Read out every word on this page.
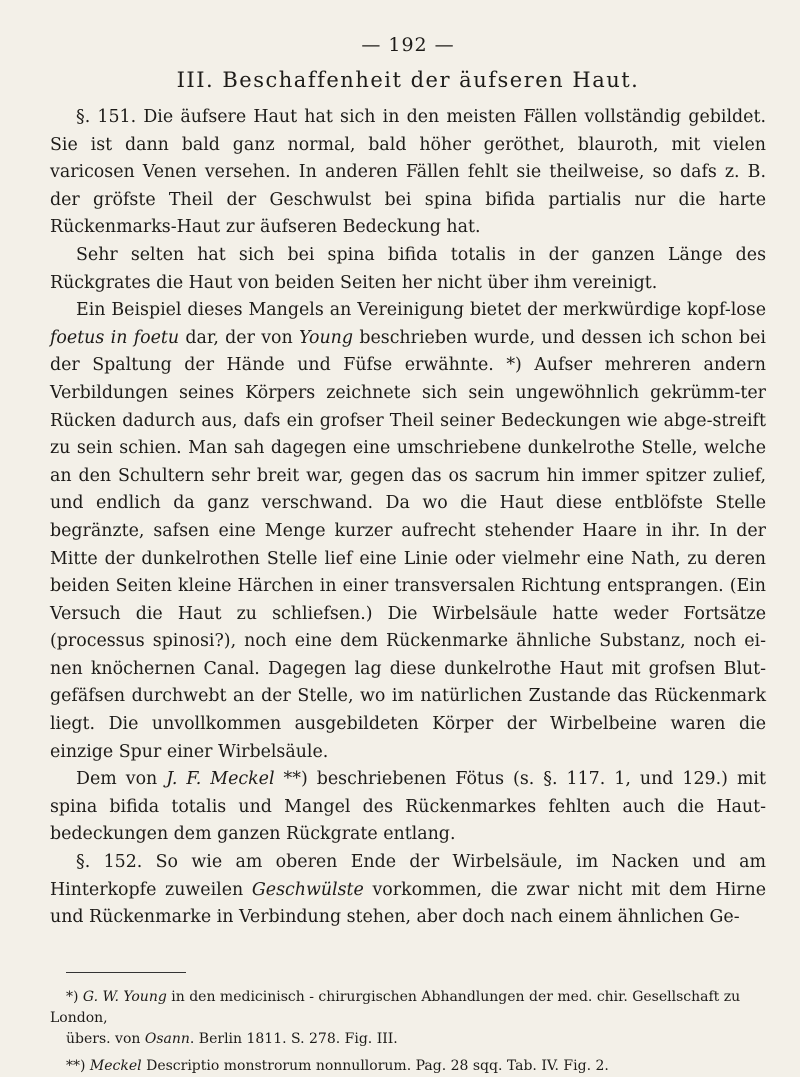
— 192 —
III. Beschaffenheit der äufseren Haut.

§. 151. Die äufsere Haut hat sich in den meisten Fällen vollständig gebildet. Sie ist dann bald ganz normal, bald höher geröthet, blauroth, mit vielen varicosen Venen versehen. In anderen Fällen fehlt sie theilweise, so dafs z. B. der gröfste Theil der Geschwulst bei spina bifida partialis nur die harte Rückenmarks-Haut zur äufseren Bedeckung hat.

Sehr selten hat sich bei spina bifida totalis in der ganzen Länge des Rückgrates die Haut von beiden Seiten her nicht über ihm vereinigt.

Ein Beispiel dieses Mangels an Vereinigung bietet der merkwürdige kopf-lose foetus in foetu dar, der von Young beschrieben wurde, und dessen ich schon bei der Spaltung der Hände und Füfse erwähnte. *) Aufser mehreren andern Verbildungen seines Körpers zeichnete sich sein ungewöhnlich gekrümm-ter Rücken dadurch aus, dafs ein grofser Theil seiner Bedeckungen wie abge-streift zu sein schien. Man sah dagegen eine umschriebene dunkelrothe Stelle, welche an den Schultern sehr breit war, gegen das os sacrum hin immer spitzer zulief, und endlich da ganz verschwand. Da wo die Haut diese entblöfste Stelle begränzte, safsen eine Menge kurzer aufrecht stehender Haare in ihr. In der Mitte der dunkelrothen Stelle lief eine Linie oder vielmehr eine Nath, zu deren beiden Seiten kleine Härchen in einer transversalen Richtung entsprangen. (Ein Versuch die Haut zu schliefsen.) Die Wirbelsäule hatte weder Fortsätze (processus spinosi?), noch eine dem Rückenmarke ähnliche Substanz, noch ei-nen knöchernen Canal. Dagegen lag diese dunkelrothe Haut mit grofsen Blut-gefäfsen durchwebt an der Stelle, wo im natürlichen Zustande das Rückenmark liegt. Die unvollkommen ausgebildeten Körper der Wirbelbeine waren die einzige Spur einer Wirbelsäule.

Dem von J. F. Meckel **) beschriebenen Fötus (s. §. 117. 1, und 129.) mit spina bifida totalis und Mangel des Rückenmarkes fehlten auch die Haut-bedeckungen dem ganzen Rückgrate entlang.

§. 152. So wie am oberen Ende der Wirbelsäule, im Nacken und am Hinterkopfe zuweilen Geschwülste vorkommen, die zwar nicht mit dem Hirne und Rückenmarke in Verbindung stehen, aber doch nach einem ähnlichen Ge-

*) G. W. Young in den medicinisch - chirurgischen Abhandlungen der med. chir. Gesellschaft zu London,
übers. von Osann. Berlin 1811. S. 278. Fig. III.

**) Meckel Descriptio monstrorum nonnullorum. Pag. 28 sqq. Tab. IV. Fig. 2.
